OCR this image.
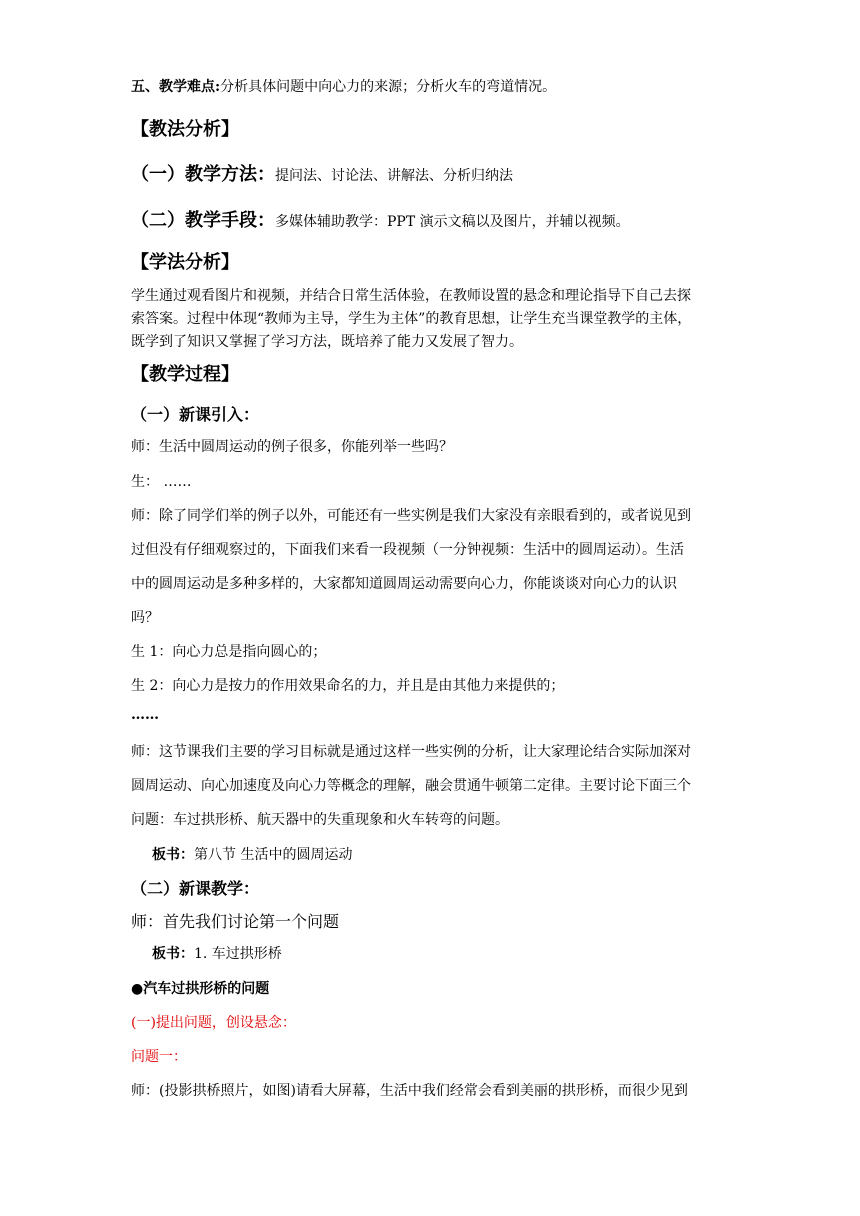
五、教学难点:分析具体问题中向心力的来源；分析火车的弯道情况。
【教法分析】
（一）教学方法：提问法、讨论法、讲解法、分析归纳法
（二）教学手段：多媒体辅助教学：PPT 演示文稿以及图片，并辅以视频。
【学法分析】
学生通过观看图片和视频，并结合日常生活体验，在教师设置的悬念和理论指导下自己去探
索答案。过程中体现“教师为主导，学生为主体”的教育思想，让学生充当课堂教学的主体，
既学到了知识又掌握了学习方法，既培养了能力又发展了智力。
【教学过程】
（一）新课引入：
师：生活中圆周运动的例子很多，你能列举一些吗？
生： ……
师：除了同学们举的例子以外，可能还有一些实例是我们大家没有亲眼看到的，或者说见到
过但没有仔细观察过的，下面我们来看一段视频（一分钟视频：生活中的圆周运动）。生活
中的圆周运动是多种多样的，大家都知道圆周运动需要向心力，你能谈谈对向心力的认识
吗？
生 1：向心力总是指向圆心的；
生 2：向心力是按力的作用效果命名的力，并且是由其他力来提供的；
……
师：这节课我们主要的学习目标就是通过这样一些实例的分析，让大家理论结合实际加深对
圆周运动、向心加速度及向心力等概念的理解，融会贯通牛顿第二定律。主要讨论下面三个
问题：车过拱形桥、航天器中的失重现象和火车转弯的问题。
板书：第八节 生活中的圆周运动
（二）新课教学：
师：首先我们讨论第一个问题
板书：1. 车过拱形桥
●汽车过拱形桥的问题
(一)提出问题，创设悬念：
问题一：
师：(投影拱桥照片，如图)请看大屏幕，生活中我们经常会看到美丽的拱形桥，而很少见到
